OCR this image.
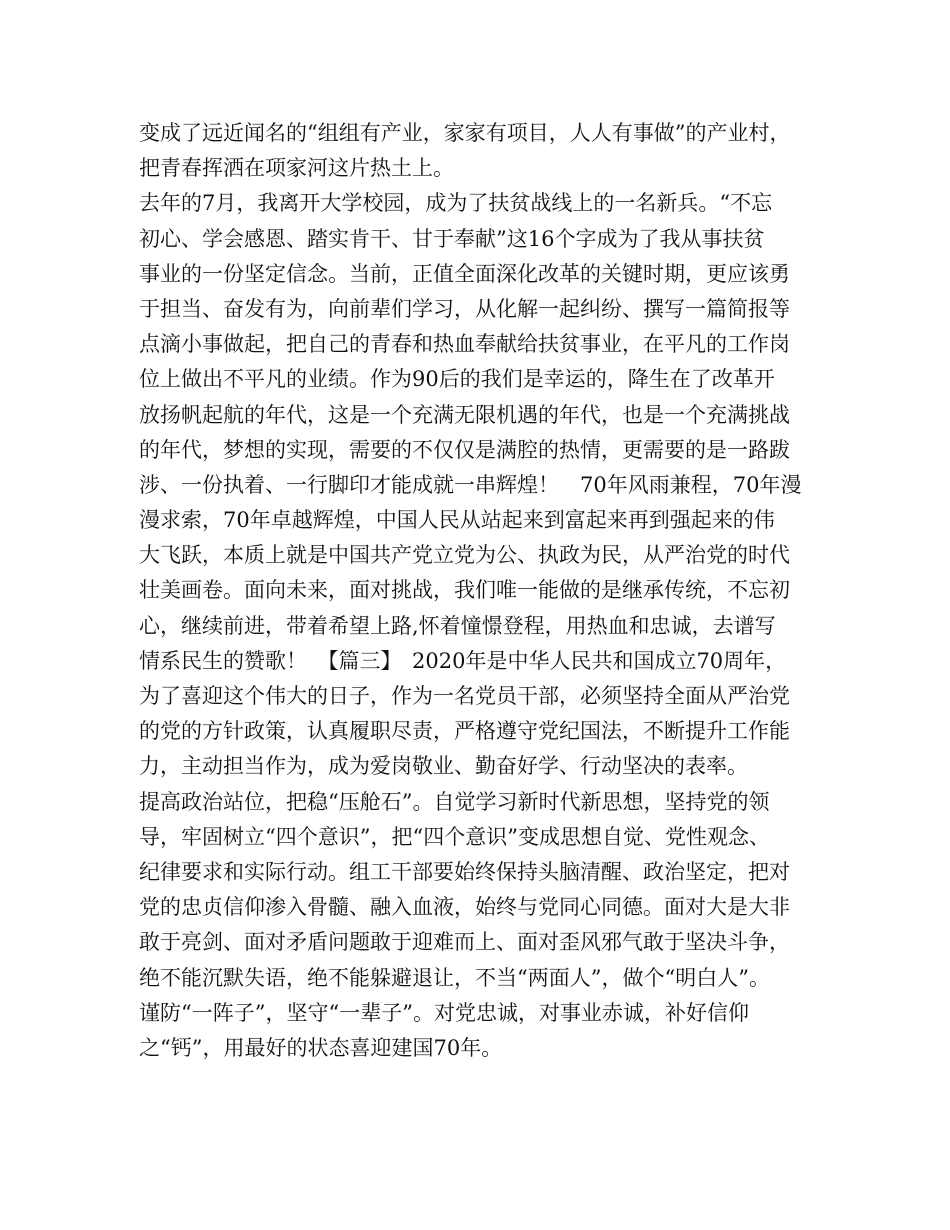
变成了远近闻名的“组组有产业，家家有项目，人人有事做”的产业村，
把青春挥洒在项家河这片热土上。
去年的7月，我离开大学校园，成为了扶贫战线上的一名新兵。“不忘
初心、学会感恩、踏实肯干、甘于奉献”这16个字成为了我从事扶贫
事业的一份坚定信念。当前，正值全面深化改革的关键时期，更应该勇
于担当、奋发有为，向前辈们学习，从化解一起纠纷、撰写一篇简报等
点滴小事做起，把自己的青春和热血奉献给扶贫事业，在平凡的工作岗
位上做出不平凡的业绩。作为90后的我们是幸运的，降生在了改革开
放扬帆起航的年代，这是一个充满无限机遇的年代，也是一个充满挑战
的年代，梦想的实现，需要的不仅仅是满腔的热情，更需要的是一路跋
涉、一份执着、一行脚印才能成就一串辉煌！　70年风雨兼程，70年漫
漫求索，70年卓越辉煌，中国人民从站起来到富起来再到强起来的伟
大飞跃，本质上就是中国共产党立党为公、执政为民，从严治党的时代
壮美画卷。面向未来，面对挑战，我们唯一能做的是继承传统，不忘初
心，继续前进，带着希望上路,怀着憧憬登程，用热血和忠诚，去谱写
情系民生的赞歌！　【篇三】　2020年是中华人民共和国成立70周年，
为了喜迎这个伟大的日子，作为一名党员干部，必须坚持全面从严治党
的党的方针政策，认真履职尽责，严格遵守党纪国法，不断提升工作能
力，主动担当作为，成为爱岗敬业、勤奋好学、行动坚决的表率。
提高政治站位，把稳“压舱石”。自觉学习新时代新思想，坚持党的领
导，牢固树立“四个意识”，把“四个意识”变成思想自觉、党性观念、
纪律要求和实际行动。组工干部要始终保持头脑清醒、政治坚定，把对
党的忠贞信仰渗入骨髓、融入血液，始终与党同心同德。面对大是大非
敢于亮剑、面对矛盾问题敢于迎难而上、面对歪风邪气敢于坚决斗争，
绝不能沉默失语，绝不能躲避退让，不当“两面人”，做个“明白人”。
谨防“一阵子”，坚守“一辈子”。对党忠诚，对事业赤诚，补好信仰
之“钙”，用最好的状态喜迎建国70年。
